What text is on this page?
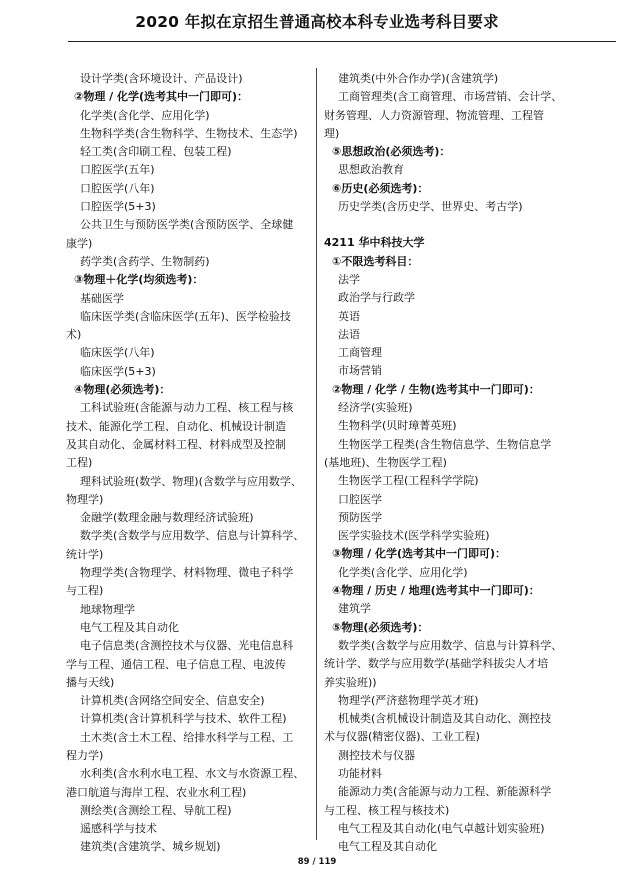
2020 年拟在京招生普通高校本科专业选考科目要求
设计学类(含环境设计、产品设计)
②物理 / 化学(选考其中一门即可)：
化学类(含化学、应用化学)
生物科学类(含生物科学、生物技术、生态学)
轻工类(含印刷工程、包装工程)
口腔医学(五年)
口腔医学(八年)
口腔医学(5+3)
公共卫生与预防医学类(含预防医学、全球健
康学)
药学类(含药学、生物制药)
③物理＋化学(均须选考)：
基础医学
临床医学类(含临床医学(五年)、医学检验技
术)
临床医学(八年)
临床医学(5+3)
④物理(必须选考)：
工科试验班(含能源与动力工程、核工程与核
技术、能源化学工程、自动化、机械设计制造
及其自动化、金属材料工程、材料成型及控制
工程)
理科试验班(数学、物理)(含数学与应用数学、
物理学)
金融学(数理金融与数理经济试验班)
数学类(含数学与应用数学、信息与计算科学、
统计学)
物理学类(含物理学、材料物理、微电子科学
与工程)
地球物理学
电气工程及其自动化
电子信息类(含测控技术与仪器、光电信息科
学与工程、通信工程、电子信息工程、电波传
播与天线)
计算机类(含网络空间安全、信息安全)
计算机类(含计算机科学与技术、软件工程)
土木类(含土木工程、给排水科学与工程、工
程力学)
水利类(含水利水电工程、水文与水资源工程、
港口航道与海岸工程、农业水利工程)
测绘类(含测绘工程、导航工程)
遥感科学与技术
建筑类(含建筑学、城乡规划)
建筑类(中外合作办学)(含建筑学)
工商管理类(含工商管理、市场营销、会计学、
财务管理、人力资源管理、物流管理、工程管
理)
⑤思想政治(必须选考)：
思想政治教育
⑥历史(必须选考)：
历史学类(含历史学、世界史、考古学)
4211 华中科技大学
①不限选考科目：
法学
政治学与行政学
英语
法语
工商管理
市场营销
②物理 / 化学 / 生物(选考其中一门即可)：
经济学(实验班)
生物科学(贝时璋菁英班)
生物医学工程类(含生物信息学、生物信息学
(基地班)、生物医学工程)
生物医学工程(工程科学学院)
口腔医学
预防医学
医学实验技术(医学科学实验班)
③物理 / 化学(选考其中一门即可)：
化学类(含化学、应用化学)
④物理 / 历史 / 地理(选考其中一门即可)：
建筑学
⑤物理(必须选考)：
数学类(含数学与应用数学、信息与计算科学、
统计学、数学与应用数学(基础学科拔尖人才培
养实验班))
物理学(严济慈物理学英才班)
机械类(含机械设计制造及其自动化、测控技
术与仪器(精密仪器)、工业工程)
测控技术与仪器
功能材料
能源动力类(含能源与动力工程、新能源科学
与工程、核工程与核技术)
电气工程及其自动化(电气卓越计划实验班)
电气工程及其自动化
89 / 119
